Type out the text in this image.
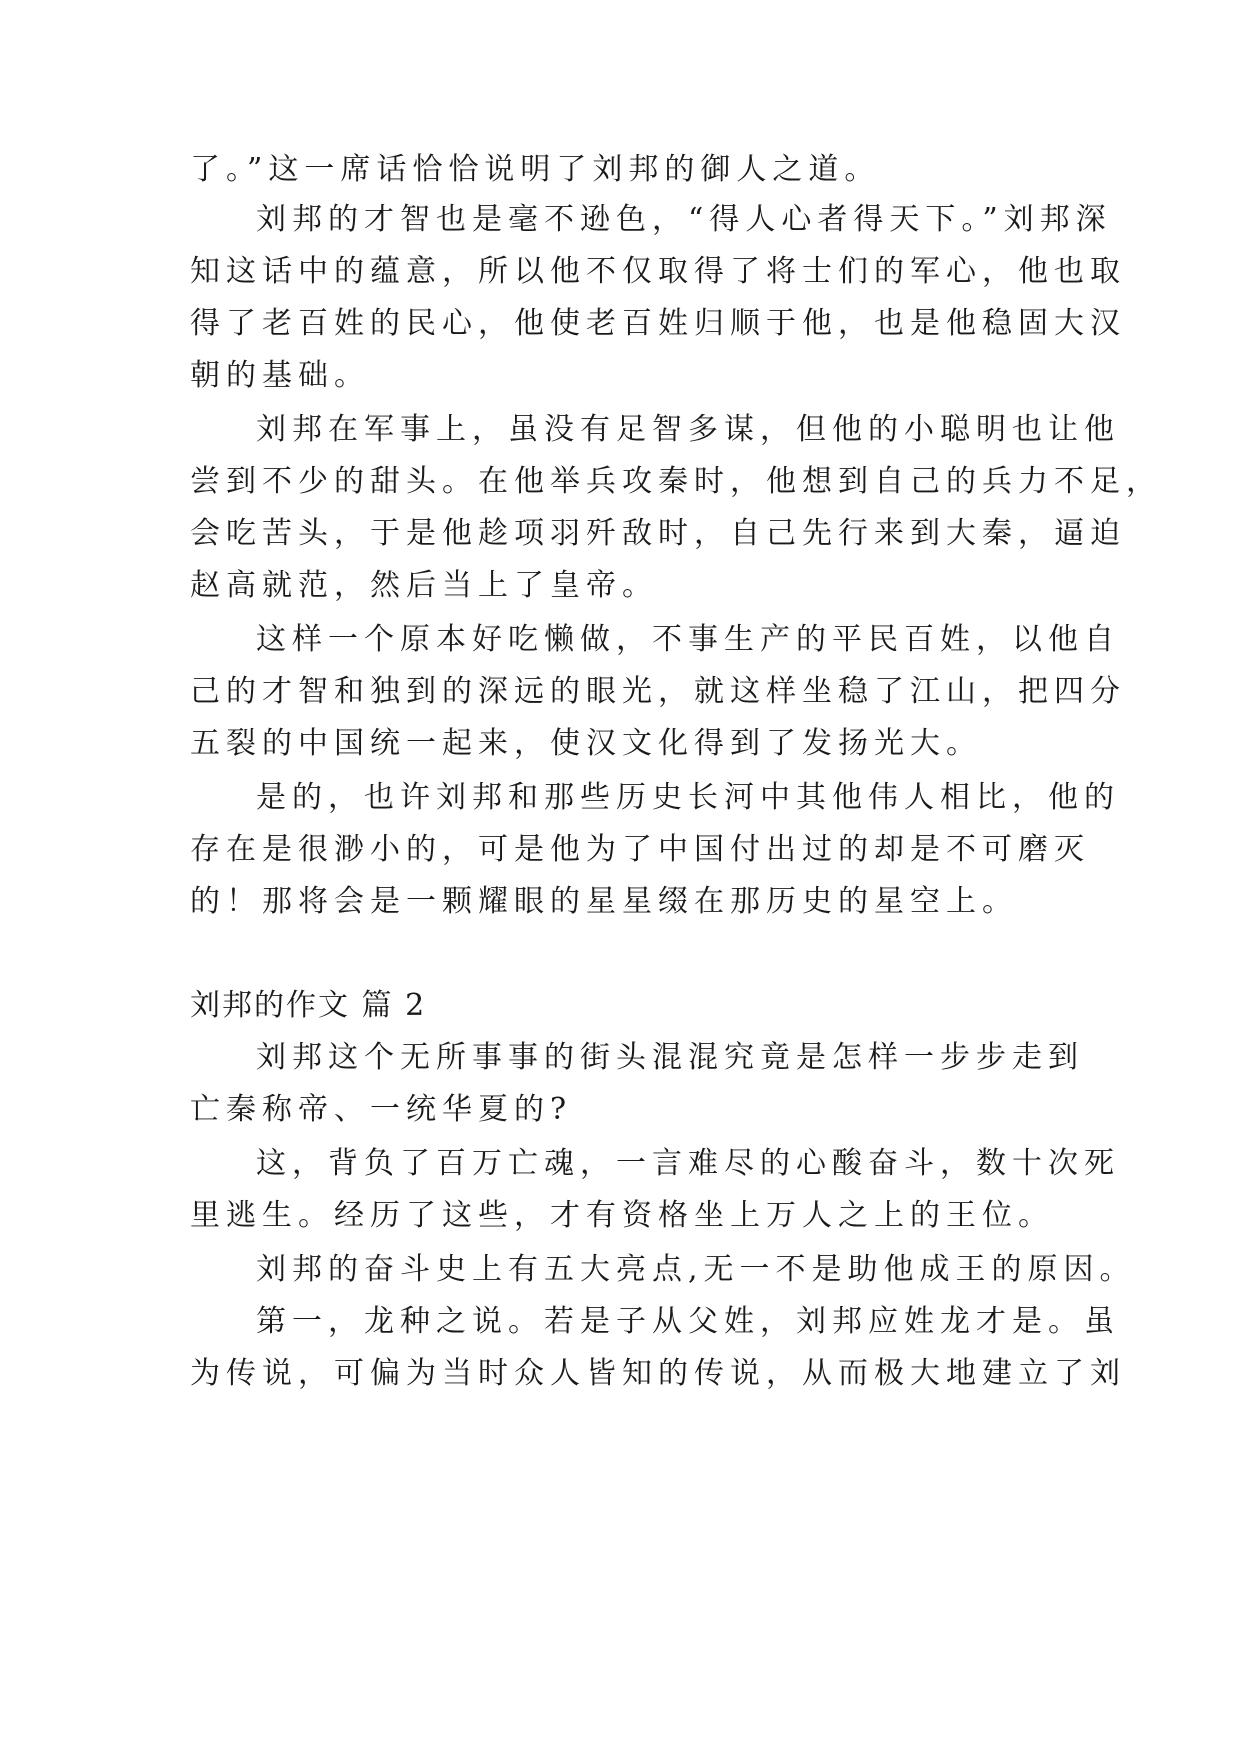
了。”这一席话恰恰说明了刘邦的御人之道。
刘邦的才智也是毫不逊色，“得人心者得天下。”刘邦深
知这话中的蕴意，所以他不仅取得了将士们的军心，他也取
得了老百姓的民心，他使老百姓归顺于他，也是他稳固大汉
朝的基础。
刘邦在军事上，虽没有足智多谋，但他的小聪明也让他
尝到不少的甜头。在他举兵攻秦时，他想到自己的兵力不足，
会吃苦头，于是他趁项羽歼敌时，自己先行来到大秦，逼迫
赵高就范，然后当上了皇帝。
这样一个原本好吃懒做，不事生产的平民百姓，以他自
己的才智和独到的深远的眼光，就这样坐稳了江山，把四分
五裂的中国统一起来，使汉文化得到了发扬光大。
是的，也许刘邦和那些历史长河中其他伟人相比，他的
存在是很渺小的，可是他为了中国付出过的却是不可磨灭
的！那将会是一颗耀眼的星星缀在那历史的星空上。
刘邦的作文 篇 2
刘邦这个无所事事的街头混混究竟是怎样一步步走到
亡秦称帝、一统华夏的?
这，背负了百万亡魂，一言难尽的心酸奋斗，数十次死
里逃生。经历了这些，才有资格坐上万人之上的王位。
刘邦的奋斗史上有五大亮点,无一不是助他成王的原因。
第一，龙种之说。若是子从父姓，刘邦应姓龙才是。虽
为传说，可偏为当时众人皆知的传说，从而极大地建立了刘
